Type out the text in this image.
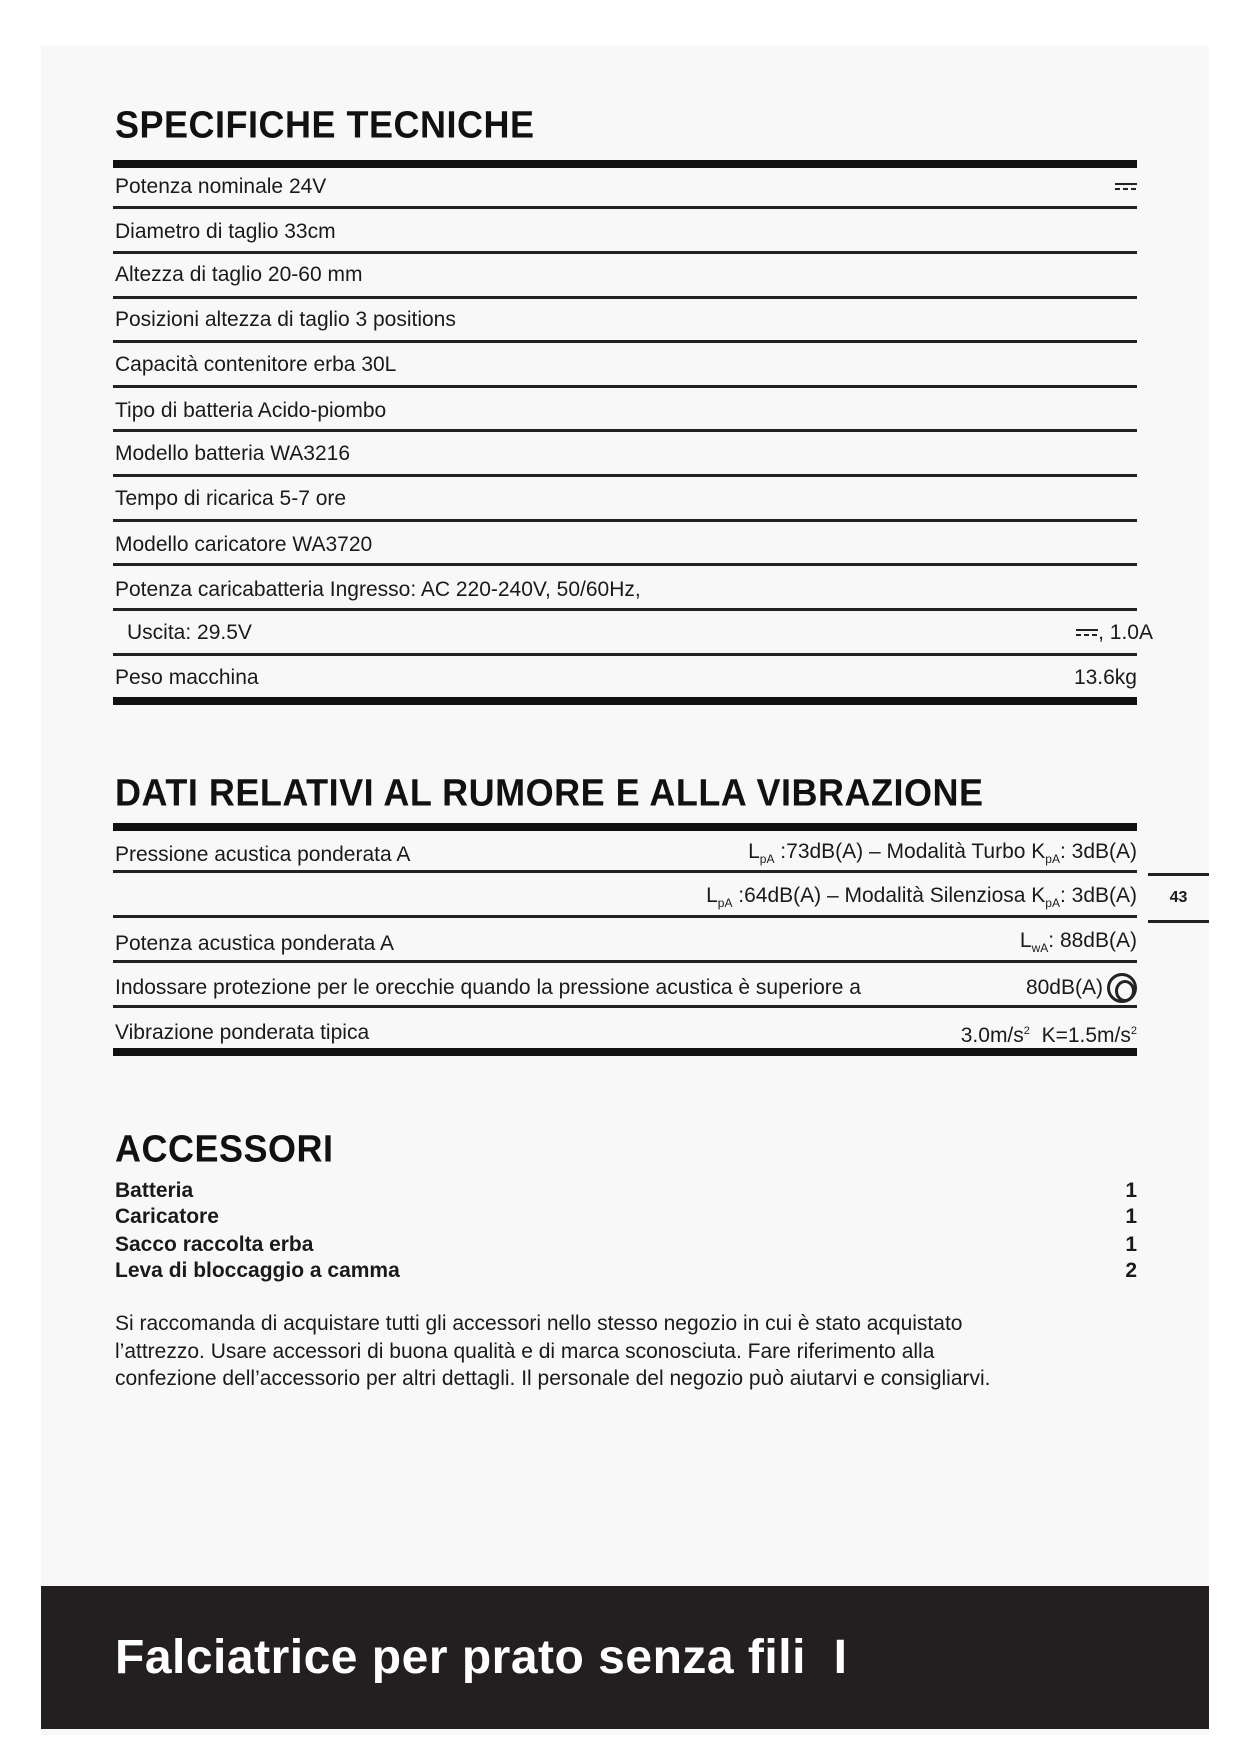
SPECIFICHE TECNICHE
Potenza nominale 24V
Diametro di taglio 33cm
Altezza di taglio 20-60 mm
Posizioni altezza di taglio 3 positions
Capacità contenitore erba 30L
Tipo di batteria Acido-piombo
Modello batteria WA3216
Tempo di ricarica 5-7 ore
Modello caricatore WA3720
Potenza caricabatteria Ingresso: AC 220-240V, 50/60Hz,
Uscita: 29.5V	, 1.0A
Peso macchina	13.6kg
DATI RELATIVI AL RUMORE E ALLA VIBRAZIONE
Pressione acustica ponderata A	$L_{pA}$ :73dB(A) – Modalità Turbo $K_{pA}$: 3dB(A)
$L_{pA}$ :64dB(A) – Modalità Silenziosa $K_{pA}$: 3dB(A)
Potenza acustica ponderata A	$L_{wA}$: 88dB(A)
Indossare protezione per le orecchie quando la pressione acustica è superiore a	80dB(A)
Vibrazione ponderata tipica	$3.0m/s^2$  $K=1.5m/s^2$
43
ACCESSORI
Batteria	1
Caricatore	1
Sacco raccolta erba	1
Leva di bloccaggio a camma	2
Si raccomanda di acquistare tutti gli accessori nello stesso negozio in cui è stato acquistato
l’attrezzo. Usare accessori di buona qualità e di marca sconosciuta. Fare riferimento alla
confezione dell’accessorio per altri dettagli. Il personale del negozio può aiutarvi e consigliarvi.
Falciatrice per prato senza fili  I
